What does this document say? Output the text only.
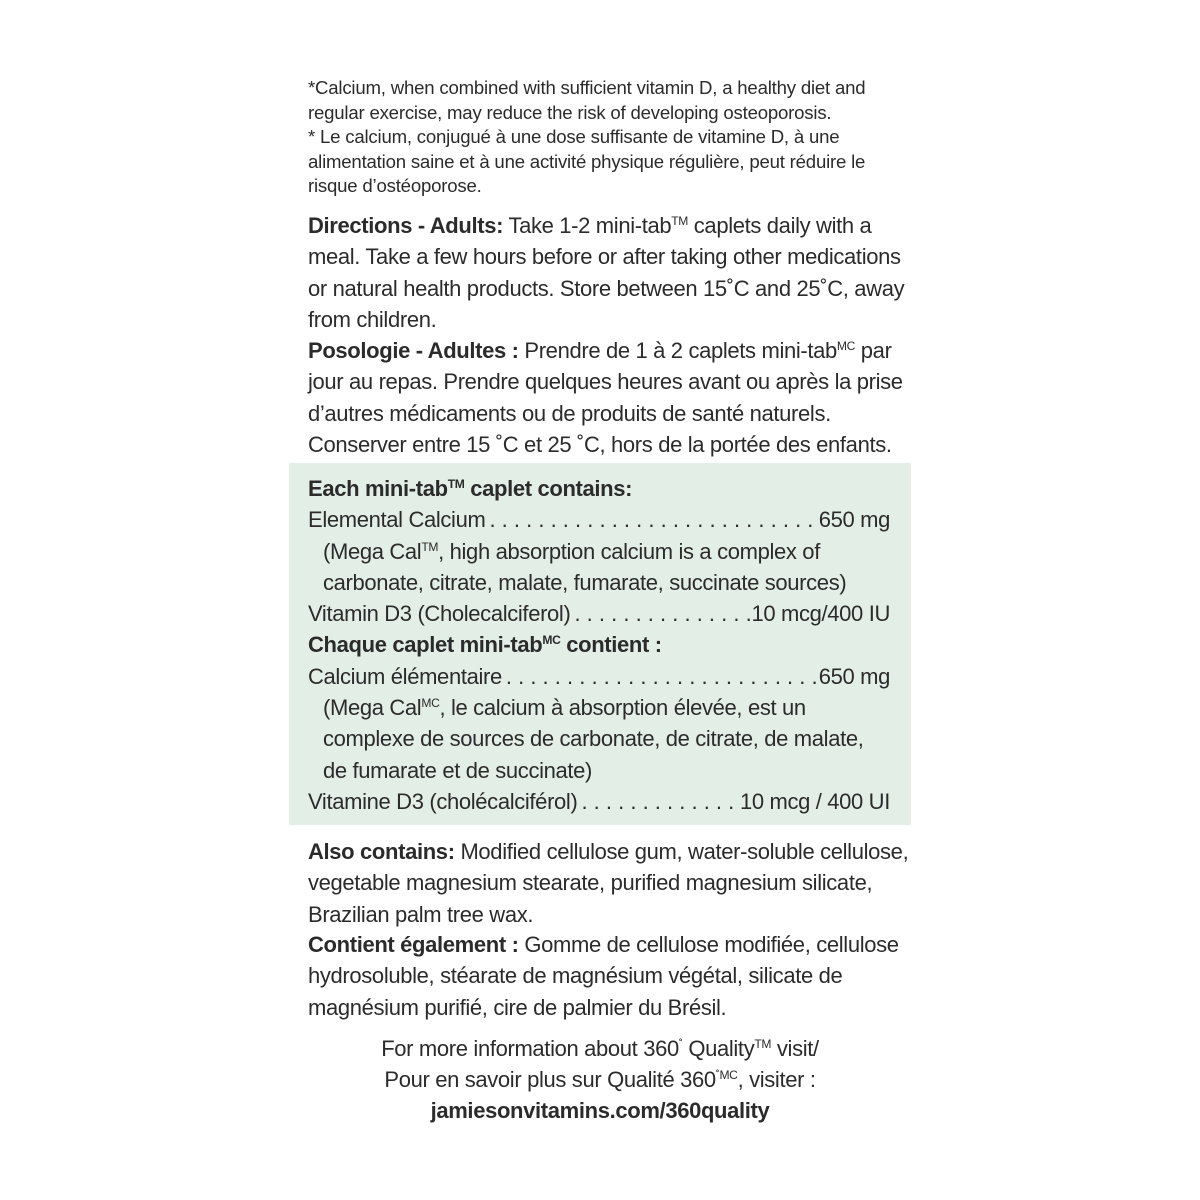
*Calcium, when combined with sufficient vitamin D, a healthy diet and
regular exercise, may reduce the risk of developing osteoporosis.
* Le calcium, conjugué à une dose suffisante de vitamine D, à une
alimentation saine et à une activité physique régulière, peut réduire le
risque d’ostéoporose.
Directions - Adults: Take 1-2 mini-tab™ caplets daily with a
meal. Take a few hours before or after taking other medications
or natural health products. Store between 15˚C and 25˚C, away
from children.
Posologie - Adultes : Prendre de 1 à 2 caplets mini-tab$^{MC}$ par
jour au repas. Prendre quelques heures avant ou après la prise
d’autres médicaments ou de produits de santé naturels.
Conserver entre 15 ˚C et 25 ˚C, hors de la portée des enfants.
Each mini-tab™ caplet contains:
Elemental Calcium . . .	650 mg
(Mega Cal™, high absorption calcium is a complex of
carbonate, citrate, malate, fumarate, succinate sources)
Vitamin D3 (Cholecalciferol) . . .	10 mcg/400 IU
Chaque caplet mini-tab$^{MC}$ contient :
Calcium élémentaire . . .	650 mg
(Mega Cal$^{MC}$, le calcium à absorption élevée, est un
complexe de sources de carbonate, de citrate, de malate,
de fumarate et de succinate)
Vitamine D3 (cholécalciférol) . . .	10 mcg / 400 UI
Also contains: Modified cellulose gum, water-soluble cellulose,
vegetable magnesium stearate, purified magnesium silicate,
Brazilian palm tree wax.
Contient également : Gomme de cellulose modifiée, cellulose
hydrosoluble, stéarate de magnésium végétal, silicate de
magnésium purifié, cire de palmier du Brésil.
For more information about 360˚ Quality™ visit/
Pour en savoir plus sur Qualité $360^{˚MC}$, visiter :
jamiesonvitamins.com/360quality
